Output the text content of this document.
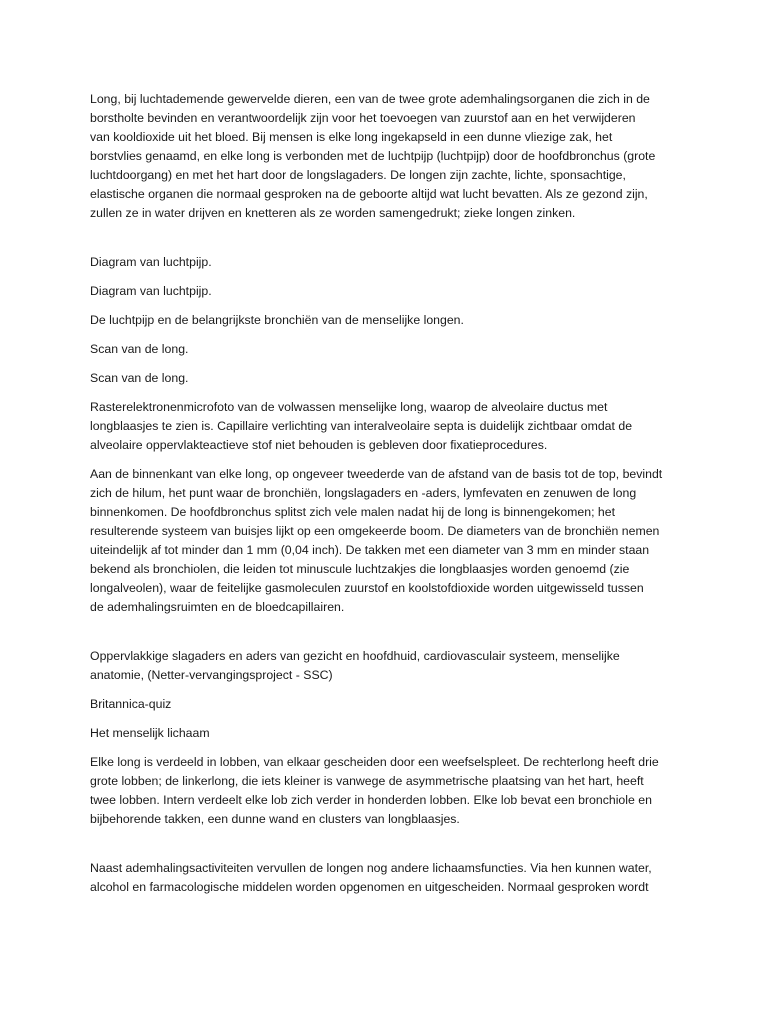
Long, bij luchtademende gewervelde dieren, een van de twee grote ademhalingsorganen die zich in de
borstholte bevinden en verantwoordelijk zijn voor het toevoegen van zuurstof aan en het verwijderen
van kooldioxide uit het bloed. Bij mensen is elke long ingekapseld in een dunne vliezige zak, het
borstvlies genaamd, en elke long is verbonden met de luchtpijp (luchtpijp) door de hoofdbronchus (grote
luchtdoorgang) en met het hart door de longslagaders. De longen zijn zachte, lichte, sponsachtige,
elastische organen die normaal gesproken na de geboorte altijd wat lucht bevatten. Als ze gezond zijn,
zullen ze in water drijven en knetteren als ze worden samengedrukt; zieke longen zinken.
Diagram van luchtpijp.
Diagram van luchtpijp.
De luchtpijp en de belangrijkste bronchiën van de menselijke longen.
Scan van de long.
Scan van de long.
Rasterelektronenmicrofoto van de volwassen menselijke long, waarop de alveolaire ductus met
longblaasjes te zien is. Capillaire verlichting van interalveolaire septa is duidelijk zichtbaar omdat de
alveolaire oppervlakteactieve stof niet behouden is gebleven door fixatieprocedures.
Aan de binnenkant van elke long, op ongeveer tweederde van de afstand van de basis tot de top, bevindt
zich de hilum, het punt waar de bronchiën, longslagaders en -aders, lymfevaten en zenuwen de long
binnenkomen. De hoofdbronchus splitst zich vele malen nadat hij de long is binnengekomen; het
resulterende systeem van buisjes lijkt op een omgekeerde boom. De diameters van de bronchiën nemen
uiteindelijk af tot minder dan 1 mm (0,04 inch). De takken met een diameter van 3 mm en minder staan
bekend als bronchiolen, die leiden tot minuscule luchtzakjes die longblaasjes worden genoemd (zie
longalveolen), waar de feitelijke gasmoleculen zuurstof en koolstofdioxide worden uitgewisseld tussen
de ademhalingsruimten en de bloedcapillairen.
Oppervlakkige slagaders en aders van gezicht en hoofdhuid, cardiovasculair systeem, menselijke
anatomie, (Netter-vervangingsproject - SSC)
Britannica-quiz
Het menselijk lichaam
Elke long is verdeeld in lobben, van elkaar gescheiden door een weefselspleet. De rechterlong heeft drie
grote lobben; de linkerlong, die iets kleiner is vanwege de asymmetrische plaatsing van het hart, heeft
twee lobben. Intern verdeelt elke lob zich verder in honderden lobben. Elke lob bevat een bronchiole en
bijbehorende takken, een dunne wand en clusters van longblaasjes.
Naast ademhalingsactiviteiten vervullen de longen nog andere lichaamsfuncties. Via hen kunnen water,
alcohol en farmacologische middelen worden opgenomen en uitgescheiden. Normaal gesproken wordt
